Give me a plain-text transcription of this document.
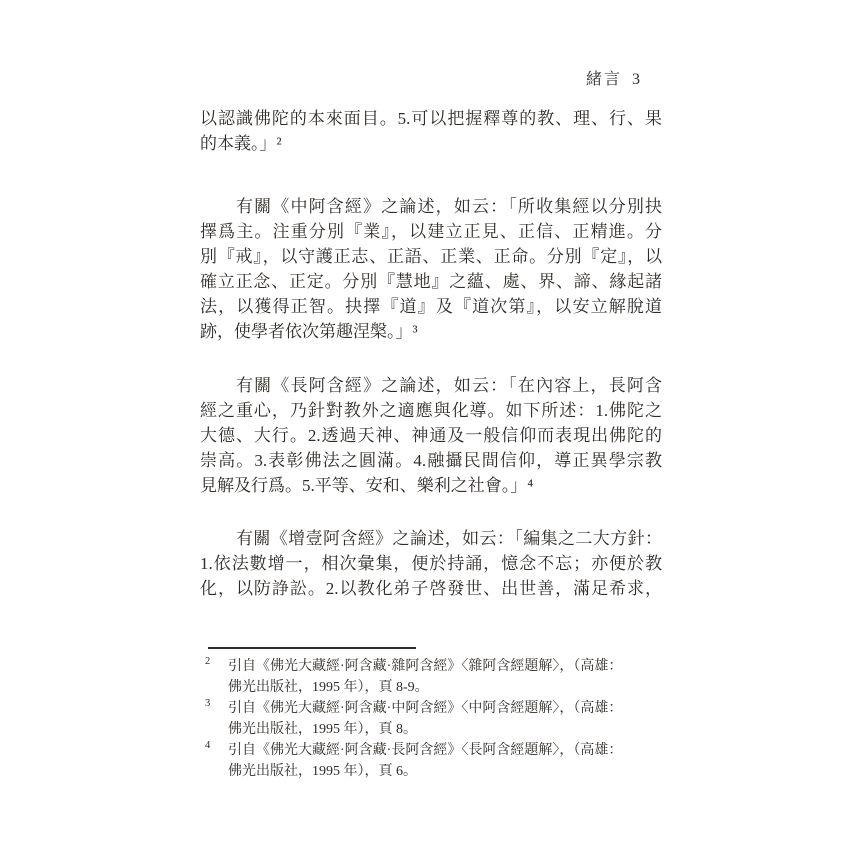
緒言 3
以認識佛陀的本來面目。5.可以把握釋尊的教、理、行、果
的本義。」²
有關《中阿含經》之論述，如云：「所收集經以分別抉
擇爲主。注重分別『業』，以建立正見、正信、正精進。分
別『戒』，以守護正志、正語、正業、正命。分別『定』，以
確立正念、正定。分別『慧地』之蘊、處、界、諦、緣起諸
法，以獲得正智。抉擇『道』及『道次第』，以安立解脫道
跡，使學者依次第趣涅槃。」³
有關《長阿含經》之論述，如云：「在內容上，長阿含
經之重心，乃針對教外之適應與化導。如下所述：1.佛陀之
大德、大行。2.透過天神、神通及一般信仰而表現出佛陀的
崇高。3.表彰佛法之圓滿。4.融攝民間信仰，導正異學宗教
見解及行爲。5.平等、安和、樂利之社會。」⁴
有關《增壹阿含經》之論述，如云：「編集之二大方針：
1.依法數增一，相次彙集，便於持誦，憶念不忘；亦便於教
化，以防諍訟。2.以教化弟子啓發世、出世善，滿足希求，
2 引自《佛光大藏經·阿含藏·雜阿含經》〈雜阿含經題解〉，（高雄：
佛光出版社，1995 年），頁 8-9。
3 引自《佛光大藏經·阿含藏·中阿含經》〈中阿含經題解〉，（高雄：
佛光出版社，1995 年），頁 8。
4 引自《佛光大藏經·阿含藏·長阿含經》〈長阿含經題解〉，（高雄：
佛光出版社，1995 年），頁 6。
